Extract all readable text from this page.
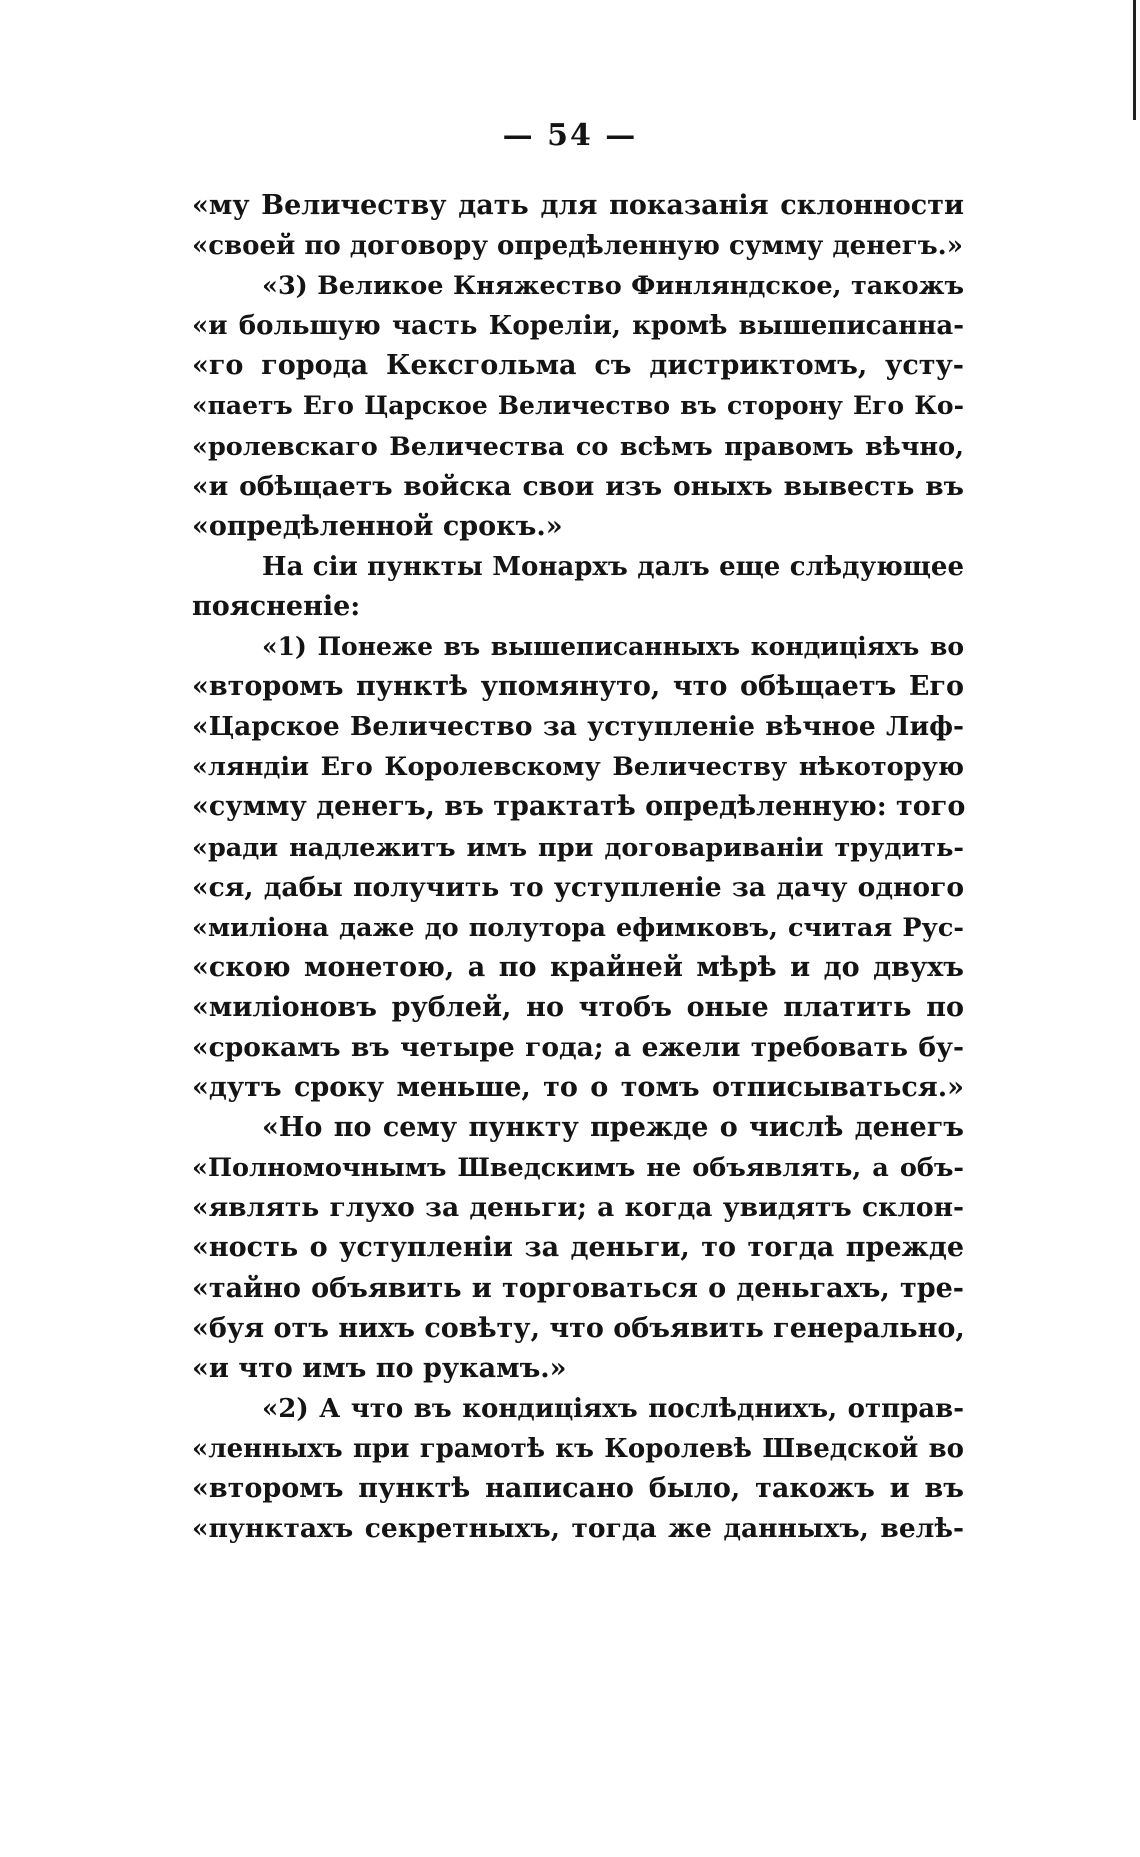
— 54 —
«му Величеству дать для показанія склонности
«своей по договору опредѣленную сумму денегъ.»
«3) Великое Княжество Финляндское, такожъ
«и большую часть Кореліи, кромѣ вышеписанна-
«го города Кексгольма съ дистриктомъ, усту-
«паетъ Его Царское Величество въ сторону Его Ко-
«ролевскаго Величества со всѣмъ правомъ вѣчно,
«и обѣщаетъ войска свои изъ оныхъ вывесть въ
«опредѣленной срокъ.»
На сіи пункты Монархъ далъ еще слѣдующее
поясненіе:
«1) Понеже въ вышеписанныхъ кондиціяхъ во
«второмъ пунктѣ упомянуто, что обѣщаетъ Его
«Царское Величество за уступленіе вѣчное Лиф-
«ляндіи Его Королевскому Величеству нѣкоторую
«сумму денегъ, въ трактатѣ опредѣленную: того
«ради надлежитъ имъ при договариваніи трудить-
«ся, дабы получить то уступленіе за дачу одного
«миліона даже до полутора ефимковъ, считая Рус-
«скою монетою, а по крайней мѣрѣ и до двухъ
«миліоновъ рублей, но чтобъ оные платить по
«срокамъ въ четыре года; а ежели требовать бу-
«дутъ сроку меньше, то о томъ отписываться.»
«Но по сему пункту прежде о числѣ денегъ
«Полномочнымъ Шведскимъ не объявлять, а объ-
«являть глухо за деньги; а когда увидятъ склон-
«ность о уступленіи за деньги, то тогда прежде
«тайно объявить и торговаться о деньгахъ, тре-
«буя отъ нихъ совѣту, что объявить генерально,
«и что имъ по рукамъ.»
«2) А что въ кондиціяхъ послѣднихъ, отправ-
«ленныхъ при грамотѣ къ Королевѣ Шведской во
«второмъ пунктѣ написано было, такожъ и въ
«пунктахъ секретныхъ, тогда же данныхъ, велѣ-
